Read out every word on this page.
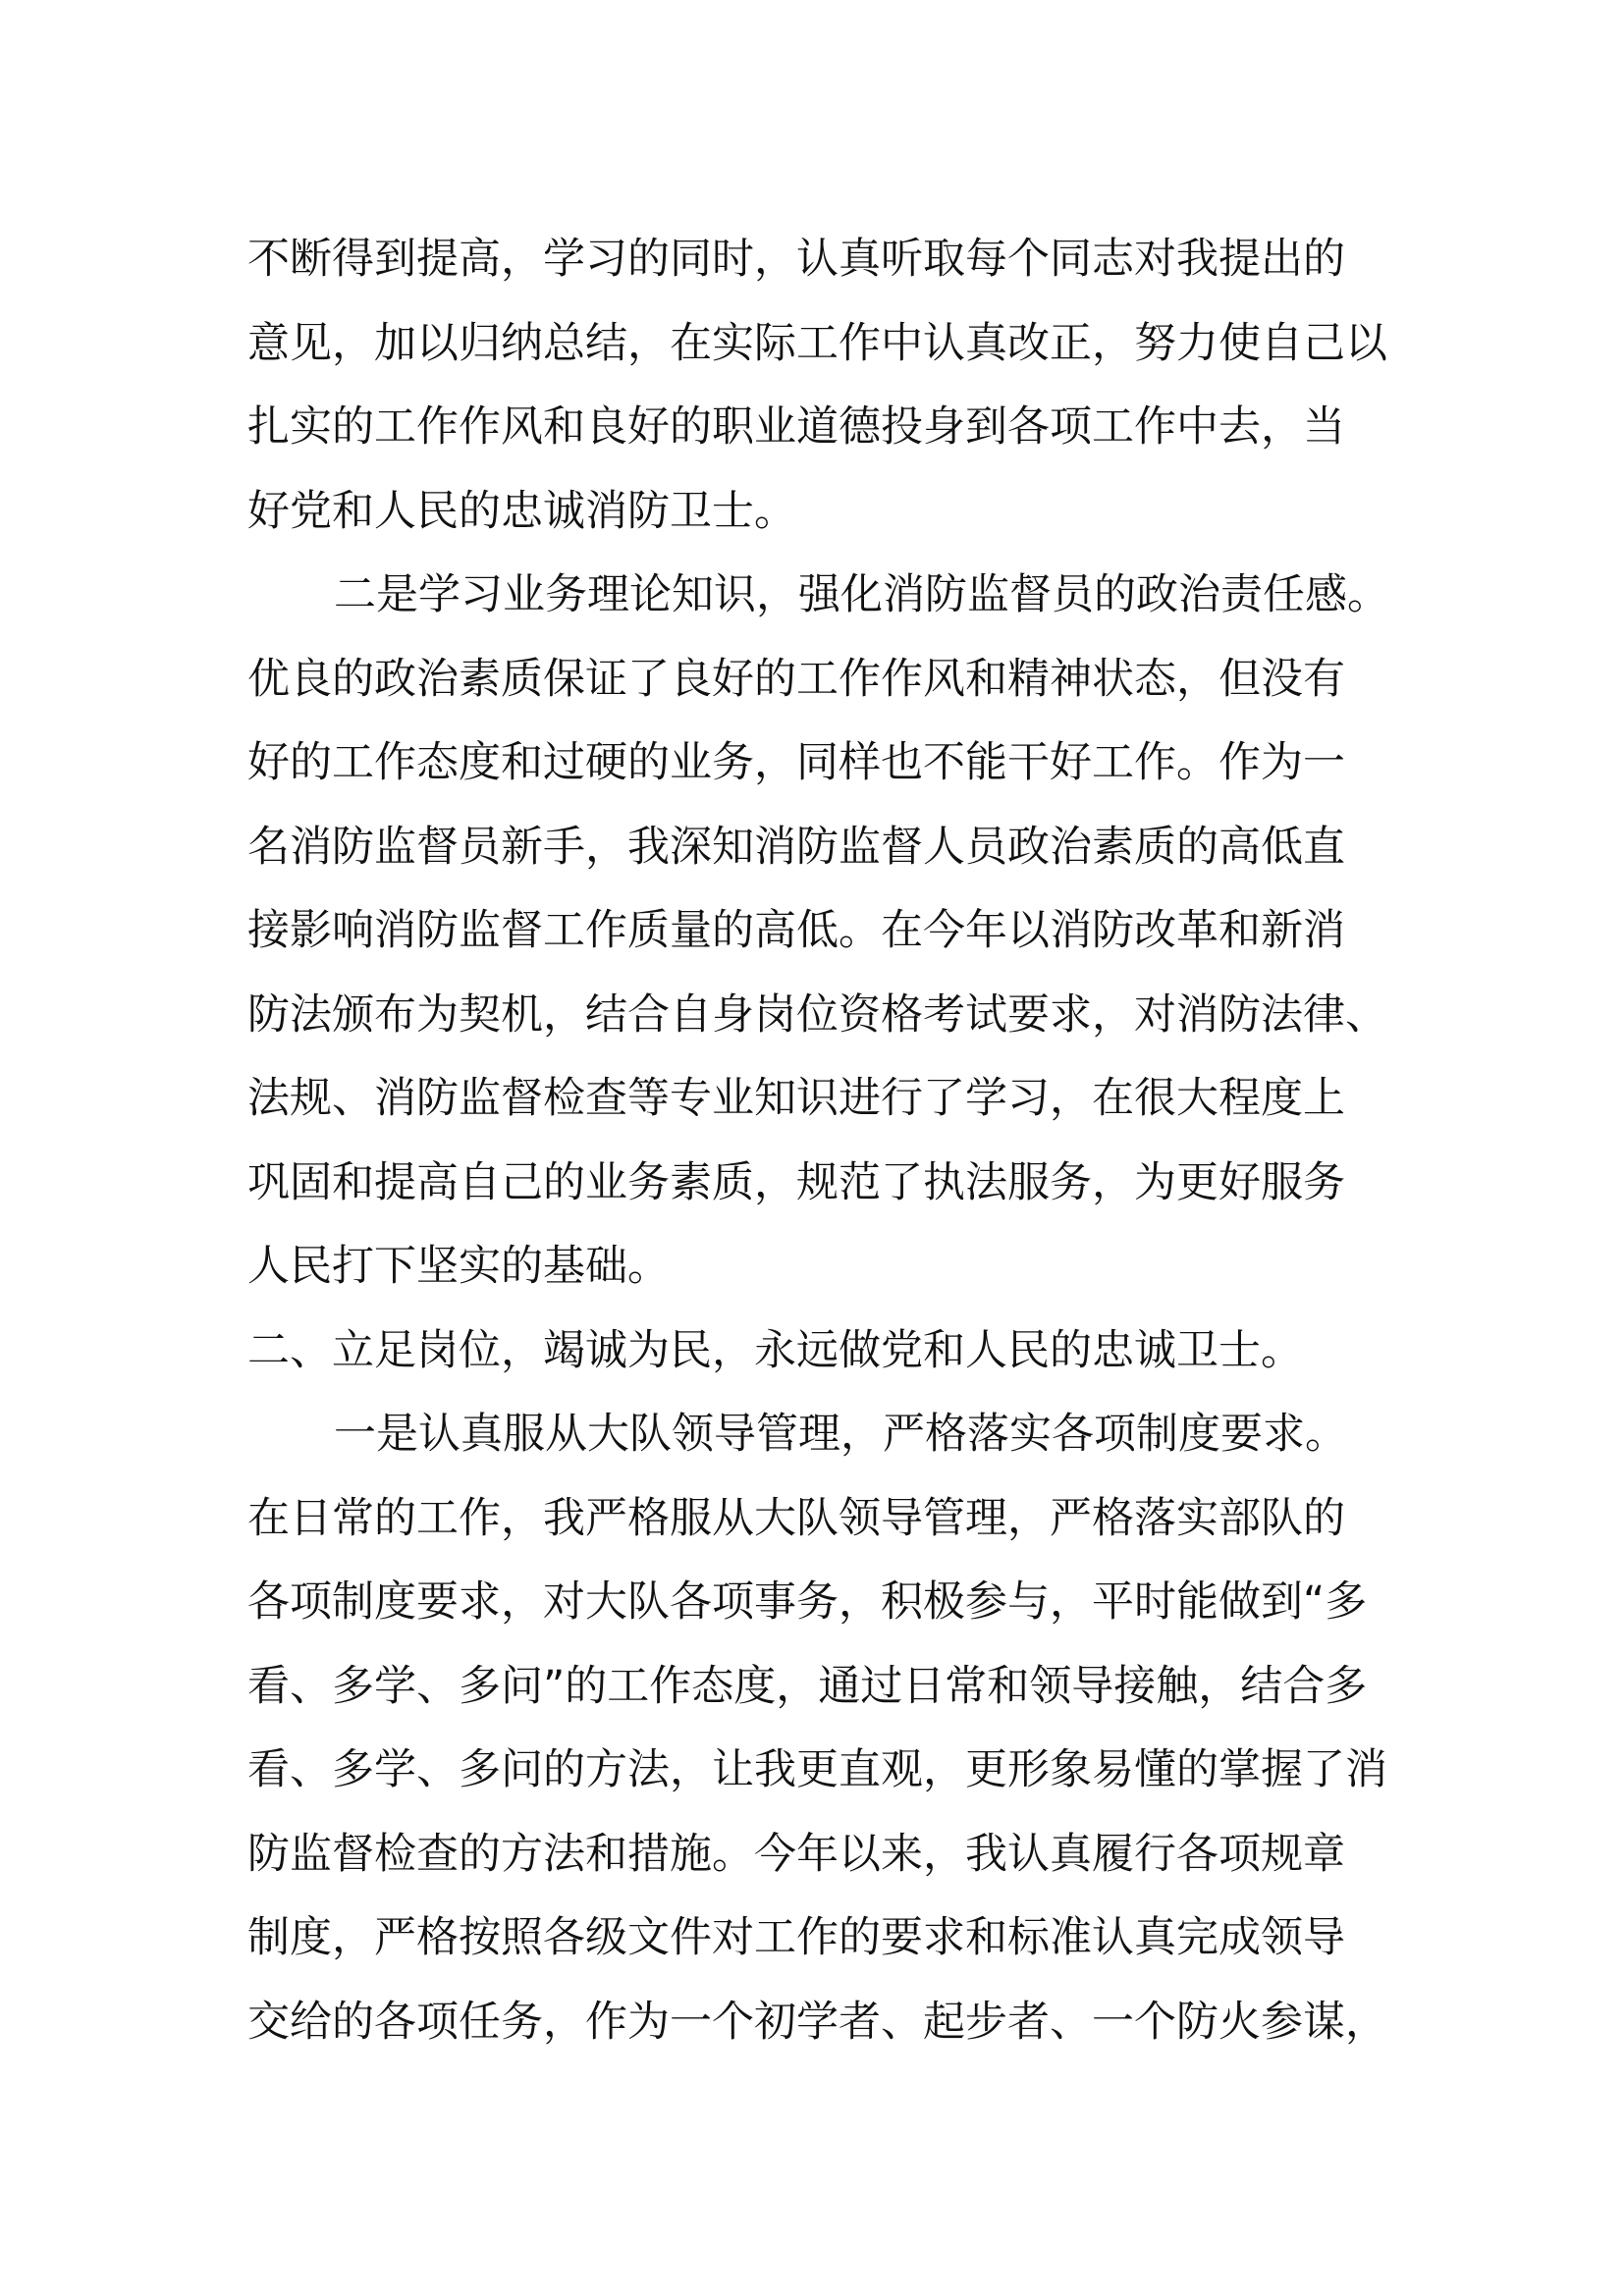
不断得到提高，学习的同时，认真听取每个同志对我提出的
意见，加以归纳总结，在实际工作中认真改正，努力使自己以
扎实的工作作风和良好的职业道德投身到各项工作中去，当
好党和人民的忠诚消防卫士。
二是学习业务理论知识，强化消防监督员的政治责任感。
优良的政治素质保证了良好的工作作风和精神状态，但没有
好的工作态度和过硬的业务，同样也不能干好工作。作为一
名消防监督员新手，我深知消防监督人员政治素质的高低直
接影响消防监督工作质量的高低。在今年以消防改革和新消
防法颁布为契机，结合自身岗位资格考试要求，对消防法律、
法规、消防监督检查等专业知识进行了学习，在很大程度上
巩固和提高自己的业务素质，规范了执法服务，为更好服务
人民打下坚实的基础。
二、立足岗位，竭诚为民，永远做党和人民的忠诚卫士。
一是认真服从大队领导管理，严格落实各项制度要求。
在日常的工作，我严格服从大队领导管理，严格落实部队的
各项制度要求，对大队各项事务，积极参与，平时能做到“多
看、多学、多问”的工作态度，通过日常和领导接触，结合多
看、多学、多问的方法，让我更直观，更形象易懂的掌握了消
防监督检查的方法和措施。今年以来，我认真履行各项规章
制度，严格按照各级文件对工作的要求和标准认真完成领导
交给的各项任务，作为一个初学者、起步者、一个防火参谋，
